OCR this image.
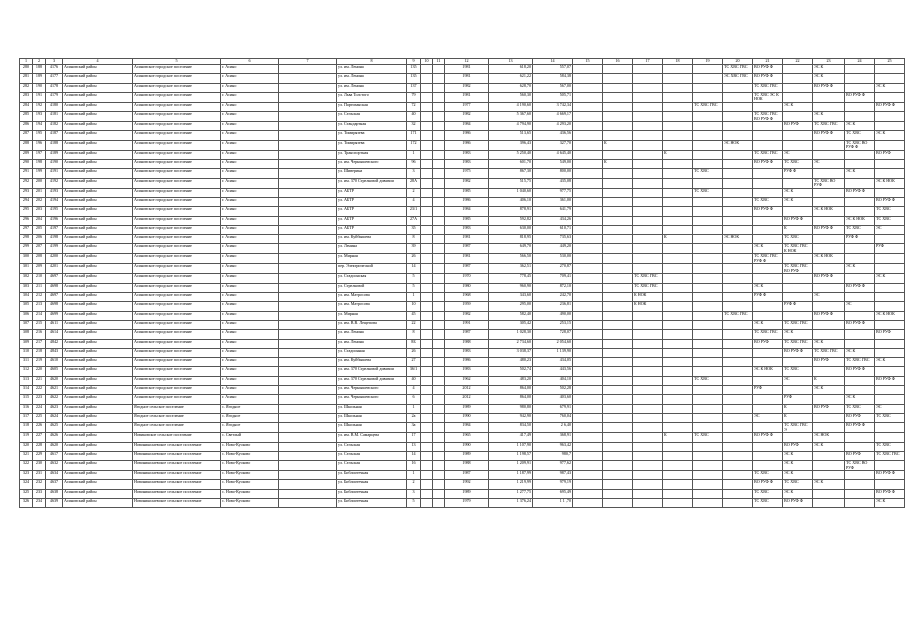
1	2	3	4	5	6	7	8	9	10	11	12	13	14	15	16	17	18	19	20	21	22	23	24	25
280	188	4176	Асиновский район	Асиновское городское поселение	г. Асино		ул. им. Ленина	135			1981	618,20	557,07						ТС ХВС ГВС	ВО РУФ Ф		ЭС К		
281	189	4177	Асиновский район	Асиновское городское поселение	г. Асино		ул. им. Ленина	135			1981	621,22	584,38						ЭС ХВС ГВС	ВО РУФ Ф		ЭС К		
282	190	4178	Асиновский район	Асиновское городское поселение	г. Асино		ул. им. Ленина	137			1982	628,70	567,00							ТС ХВС ГВС		ВО РУФ Ф		ЭС К
283	191	4179	Асиновский район	Асиновское городское поселение	г. Асино		ул. Льва Толстого	79			1981	560,30	505,71							ТС ХВС ЭС К НОК			ВО РУФ Ф	
284	192	4180	Асиновский район	Асиновское городское поселение	г. Асино		ул. Партизанская	72			1977	4 190,60	3 742,34					ТС ХВС ГВС			ЭС К			ВО РУФ Ф
285	193	4181	Асиновский район	Асиновское городское поселение	г. Асино		ул. Сельская	40			1982	5 367,60	4 669,17							ТС ХВС ГВС ВО РУФ Ф		ЭС К		
286	194	4182	Асиновский район	Асиновское городское поселение	г. Асино		ул. Стандартная	32			1984	4 794,90	4 293,20								ВО РУФ	ТС ХВС ГВС	ЭС К	
287	195	4187	Асиновский район	Асиновское городское поселение	г. Асино		ул. Тимирязева	171			1986	513,65	436,56									ВО РУФ Ф	ТС ХВС	ЭС К
288	196	4188	Асиновский район	Асиновское городское поселение	г. Асино		ул. Тимирязева	172			1986	396,43	327,70		К				ЭС НОК				ТС ХВС ВО РУФ Ф	
289	197	4189	Асиновский район	Асиновское городское поселение	г. Асино		ул. Транспортная	1			1983	5 250,40	4 645,40				К			ТС ХВС ГВС	ЭС			ВО РУФ
290	198	4190	Асиновский район	Асиновское городское поселение	г. Асино		ул. им. Чернышевского	96			1983	601,70	549,00		К					ВО РУФ Ф	ТС ХВС	ЭС		
291	199	4191	Асиновский район	Асиновское городское поселение	г. Асино		ул. Шиверина	3			1975	867,30	800,00					ТС ХВС			РУФ Ф		ЭС К	
292	200	4192	Асиновский район	Асиновское городское поселение	г. Асино		ул. им. 370 Стрелковой дивизии	28А			1982	515,75	435,08									ТС ХВС ВО РУФ		ЭС К НОК
293	201	4193	Асиновский район	Асиновское городское поселение	г. Асино		ул. АБТР	2			1985	1 040,60	977,75					ТС ХВС			ЭС К		ВО РУФ Ф	
294	202	4194	Асиновский район	Асиновское городское поселение	г. Асино		ул. АБТР	4			1986	406,10	361,00							ТС ХВС	ЭС К			ВО РУФ Ф
295	203	4195	Асиновский район	Асиновское городское поселение	г. Асино		ул. АБТР	23/1			1984	878,91	641,79							ВО РУФ Ф		ЭС К НОК		ТС ХВС
296	204	4196	Асиновский район	Асиновское городское поселение	г. Асино		ул. АБТР	27А			1985	592,82	434,26								ВО РУФ Ф		ЭС К НОК	ТС ХВС
297	205	4197	Асиновский район	Асиновское городское поселение	г. Асино		ул. АБТР	35			1983	630,00	610,71								К	ВО РУФ Ф	ТС ХВС	ЭС
298	206	4198	Асиновский район	Асиновское городское поселение	г. Асино		ул. им. Куйбышева	8			1981	818,95	735,63				К		ЭС НОК		ТС ХВС		РУФ Ф	
299	207	4199	Асиновский район	Асиновское городское поселение	г. Асино		ул. Ленина	39			1987	649,70	449,20							ЭС К	ТС ХВС ГВС К НОК			РУФ
300	208	4200	Асиновский район	Асиновское городское поселение	г. Асино		ул. Мирная	26			1981	566,50	530,00							ТС ХВС ГВС РУФ Ф		ЭС К НОК		
301	209	4201	Асиновский район	Асиновское городское поселение	г. Асино		пер. Электрический	14			1987	362,51	270,87								ТС ХВС ГВС ВО РУФ		ЭС К	
302	210	4697	Асиновский район	Асиновское городское поселение	г. Асино		ул. Стадионская	5			1970	778,45	709,41			ТС ХВС ГВС						ВО РУФ Ф		ЭС К
303	211	4698	Асиновский район	Асиновское городское поселение	г. Асино		ул. Стрелковой	5			1980	960,90	872,10			ТС ХВС ГВС				ЭС К			ВО РУФ Ф	
304	212	4697	Асиновский район	Асиновское городское поселение	г. Асино		ул. им. Матросова	1			1968	343,60	242,70			К НОК				РУФ Ф		ЭС		
305	213	4698	Асиновский район	Асиновское городское поселение	г. Асино		ул. им. Матросова	10			1959	295,00	236,81			К НОК					РУФ Ф		ЭС	
306	214	4699	Асиновский район	Асиновское городское поселение	г. Асино		ул. Мирная	45			1982	582,40	490,00						ТС ХВС ГВС			ВО РУФ Ф		ЭС К НОК
307	215	4611	Асиновский район	Асиновское городское поселение	г. Асино		ул. им. В.В. Лещепова	22			1991	305,42	253,15							ЭС К	ТС ХВС ГВС		ВО РУФ Ф	
308	216	4614	Асиновский район	Асиновское городское поселение	г. Асино		ул. им. Ленина	8			1987	1 028,30	728,07							ТС ХВС ГВС	ЭС К			ВО РУФ
309	217	4842	Асиновский район	Асиновское городское поселение	г. Асино		ул. им. Ленина	8Б			1988	2 734,60	2 054,60							ВО РУФ	ТС ХВС ГВС	ЭС К		
310	218	4843	Асиновский район	Асиновское городское поселение	г. Асино		ул. Стадионная	26			1983	3 038,37	1 139,90								ВО РУФ Ф	ТС ХВС ГВС	ЭС К	
311	219	4610	Асиновский район	Асиновское городское поселение	г. Асино		ул. им. Куйбышева	27			1986	480,23	434,05									ВО РУФ	ТС ХВС ГВС	ЭС К
312	220	4605	Асиновский район	Асиновское городское поселение	г. Асино		ул. им. 370 Стрелковой дивизии	36/1			1983	502,74	443,56							ЭС К НОК	ТС ХВС		ВО РУФ Ф	
313	221	4620	Асиновский район	Асиновское городское поселение	г. Асино		ул. им. 370 Стрелковой дивизии	40			1962	483,20	404,10					ТС ХВС			ЭС	К		ВО РУФ Ф
314	222	4621	Асиновский район	Асиновское городское поселение	г. Асино		ул. им. Чернышевского	4			2012	864,00	502,28							РУФ		ЭС К		
315	223	4622	Асиновский район	Асиновское городское поселение	г. Асино		ул. им. Чернышевского	6			2012	864,00	403,60								РУФ		ЭС К	
316	224	4623	Асиновский район	Ягодное сельское поселение	с. Ягодное		ул. Школьная	1			1989	980,80	679,91								К	ВО РУФ	ТС ХВС	ЭС
317	225	4624	Асиновский район	Ягодное сельское поселение	с. Ягодное		ул. Школьная	2а			1990	942,90	760,04							ЭС	К		ВО РУФ	ТС ХВС
318	226	4625	Асиновский район	Ягодное сельское поселение	с. Ягодное		ул. Школьная	3а			1984	834,50	2 6,40								ТС ХВС ГВС Э		ВО РУФ Ф	
319	227	4626	Асиновский район	Новиковское сельское поселение	с. Светлый		ул. им. В.М. Самарцева	17			1965	417,49	368,91				К	ТС ХВС		ВО РУФ Ф		ЭС НОК		
320	228	4620	Асиновский район	Новониколаевское сельское поселение	с. Ново-Кусково		ул. Сельская	13			1990	1 107,90	963,42								ВО РУФ	ЭС К		ТС ХВС
321	229	4617	Асиновский район	Новониколаевское сельское поселение	с. Ново-Кусково		ул. Сельская	14			1989	1 198,57	980,7								ЭС К		ВО РУФ	ТС ХВС ГВС
322	230	4632	Асиновский район	Новониколаевское сельское поселение	с. Ново-Кусково		ул. Сельская	16			1988	1 209,91	977,62								ЭС К		ТС ХВС ВО РУФ	
323	231	4634	Асиновский район	Новониколаевское сельское поселение	с. Ново-Кусково		ул. Библиотечная	1			1987	1 187,99	987,43							ТС ХВС	ЭС К			ВО РУФ Ф
324	232	4637	Асиновский район	Новониколаевское сельское поселение	с. Ново-Кусково		ул. Библиотечная	2			1992	1 219,99	979,19							ВО РУФ Ф	ТС ХВС	ЭС К		
325	233	4638	Асиновский район	Новониколаевское сельское поселение	с. Ново-Кусково		ул. Библиотечная	3			1989	1 277,75	695,49							ТС ХВС	ЭС К			ВО РУФ Ф
326	234	4639	Асиновский район	Новониколаевское сельское поселение	с. Ново-Кусково		ул. Библиотечная	5			1979	1 376,24	1 1 ,70							ТС ХВС	ВО РУФ Ф			ЭС К
